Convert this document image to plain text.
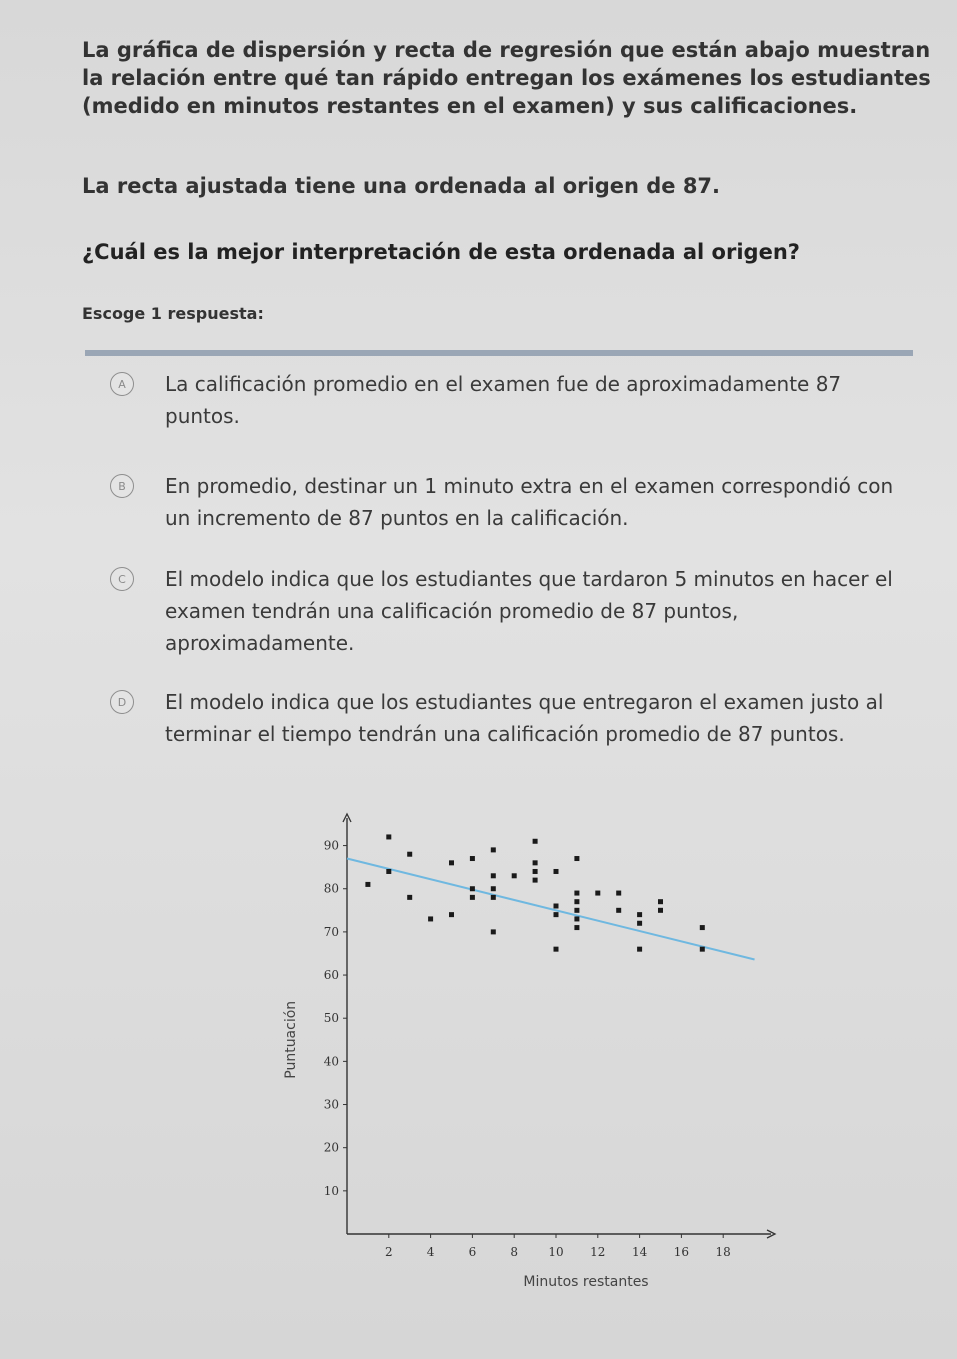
La gráfica de dispersión y recta de regresión que están abajo muestran la relación entre qué tan rápido entregan los exámenes los estudiantes (medido en minutos restantes en el examen) y sus calificaciones.
La recta ajustada tiene una ordenada al origen de 87.
¿Cuál es la mejor interpretación de esta ordenada al origen?
Escoge 1 respuesta:
A	La calificación promedio en el examen fue de aproximadamente 87 puntos.
B	En promedio, destinar un 1 minuto extra en el examen correspondió con un incremento de 87 puntos en la calificación.
C	El modelo indica que los estudiantes que tardaron 5 minutos en hacer el examen tendrán una calificación promedio de 87 puntos, aproximadamente.
D	El modelo indica que los estudiantes que entregaron el examen justo al terminar el tiempo tendrán una calificación promedio de 87 puntos.
10
20
30
40
50
60
70
80
90
2	4	6	8	10 12 14 16 18
Minutos restantes
Puntuación
